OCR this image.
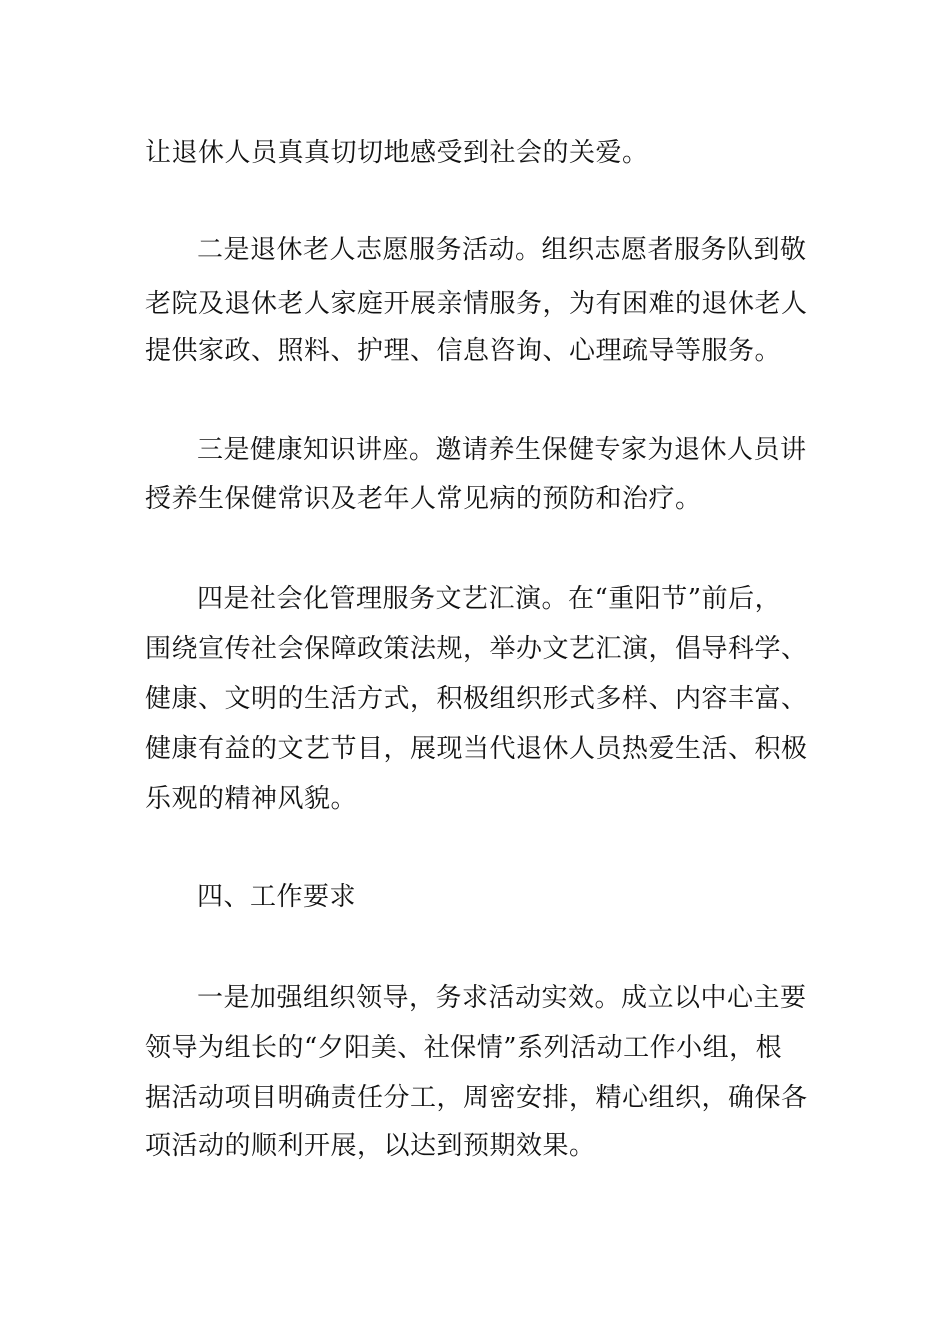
让退休人员真真切切地感受到社会的关爱。
二是退休老人志愿服务活动。组织志愿者服务队到敬
老院及退休老人家庭开展亲情服务，为有困难的退休老人
提供家政、照料、护理、信息咨询、心理疏导等服务。
三是健康知识讲座。邀请养生保健专家为退休人员讲
授养生保健常识及老年人常见病的预防和治疗。
四是社会化管理服务文艺汇演。在“重阳节”前后，
围绕宣传社会保障政策法规，举办文艺汇演，倡导科学、
健康、文明的生活方式，积极组织形式多样、内容丰富、
健康有益的文艺节目，展现当代退休人员热爱生活、积极
乐观的精神风貌。
四、工作要求
一是加强组织领导，务求活动实效。成立以中心主要
领导为组长的“夕阳美、社保情”系列活动工作小组，根
据活动项目明确责任分工，周密安排，精心组织，确保各
项活动的顺利开展，以达到预期效果。
